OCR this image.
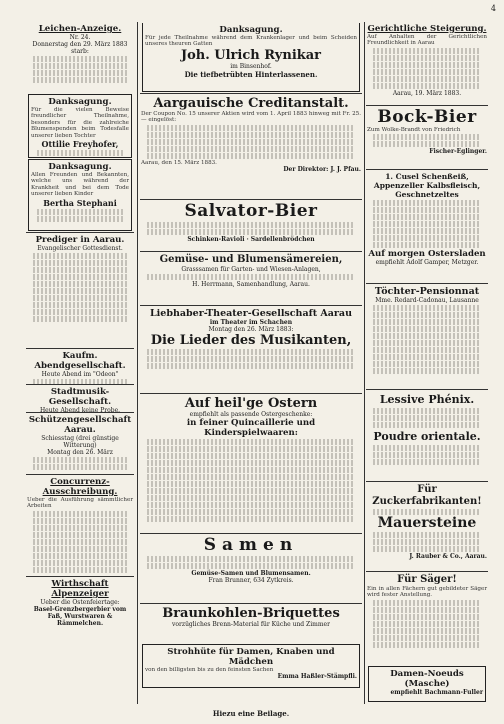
4
Leichen-Anzeige.
Nr. 24.
Donnerstag den 29. März 1883 starb:
Danksagung.
Für die vielen Beweise freundlicher Theilnahme, besonders für die zahlreiche Blumenspenden beim Todesfalle unserer lieben Tochter
Ottilie Freyhofer,
Danksagung.
Allen Freunden und Bekannten, welche uns während der Krankheit und bei dem Tode unserer lieben Kinder
Bertha Stephani
Prediger in Aarau.
Evangelischer Gottesdienst.
Kaufm. Abendgesellschaft.
Heute Abend im "Odeon"
Stadtmusik-Gesellschaft.
Heute Abend keine Probe.
Schützengesellschaft Aarau.
Schiesstag (drei günstige Witterung)
Montag den 26. März
Concurrenz-Ausschreibung.
Ueber die Ausführung sämmtlicher Arbeiten
Wirthschaft Alpenzeiger
Ueber die Ostenfeiertage:
Basel-Grenzbergerbier vom Faß, Wurstwaren & Rämmelchen.
Danksagung.
Für jede Theilnahme während dem Krankenlager und beim Scheiden unseres theuren Gatten
Joh. Ulrich Rynikar
im Binsenhof.
Die tiefbetrübten Hinterlassenen.
Aargauische Creditanstalt.
Der Coupon No. 15 unserer Aktien wird vom 1. April 1883 hinweg mit Fr. 25. — eingelöst:
Aarau, den 15. März 1883.
Der Direktor: J. J. Pfau.
Salvator-Bier
Schinken-Ravioli · Sardellenbrödchen
Gemüse- und Blumensämereien,
Grasssamen für Garten- und Wiesen-Anlagen,
H. Herrmann, Samenhandlung, Aarau.
Liebhaber-Theater-Gesellschaft Aarau
im Theater im Schachen
Montag den 26. März 1883:
Die Lieder des Musikanten,
Auf heil'ge Ostern
empfiehlt als passende Ostergeschenke:
in feiner Quincaillerie und Kinderspielwaaren:
Samen
Gemüse-Samen und Blumensamen.
Fran Brunner, 634 Zytkreis.
Braunkohlen-Briquettes
vorzügliches Brenn-Material für Küche und Zimmer
Strohhüte für Damen, Knaben und Mädchen
von den billigsten bis zu den feinsten Sachen
Emma Haßler-Stämpfli.
Gerichtliche Steigerung.
Auf Anhalten der Gerichtlichen Freundlichkeit in Aarau
Aarau, 19. März 1883.
Bock-Bier
Zum Wolke-Brandt von Friedrich
Fischer-Eglinger.
1. Cusel Schenßeiß, Appenzeller Kalbsfleisch, Geschnetzeltes
Auf morgen Ostersladen
empfiehlt Adolf Gamper, Metzger.
Töchter-Pensionnat
Mme. Redard-Cadonau, Lausanne
Lessive Phénix.
Poudre orientale.
Für Zuckerfabrikanten!
Mauersteine
J. Rauber & Co., Aarau.
Für Säger!
Ein in allen Fächern gut gebildeter Säger wird fester Anstellung.
Damen-Noeuds (Masche)
empfiehlt Bachmann-Fuller
Hiezu eine Beilage.
